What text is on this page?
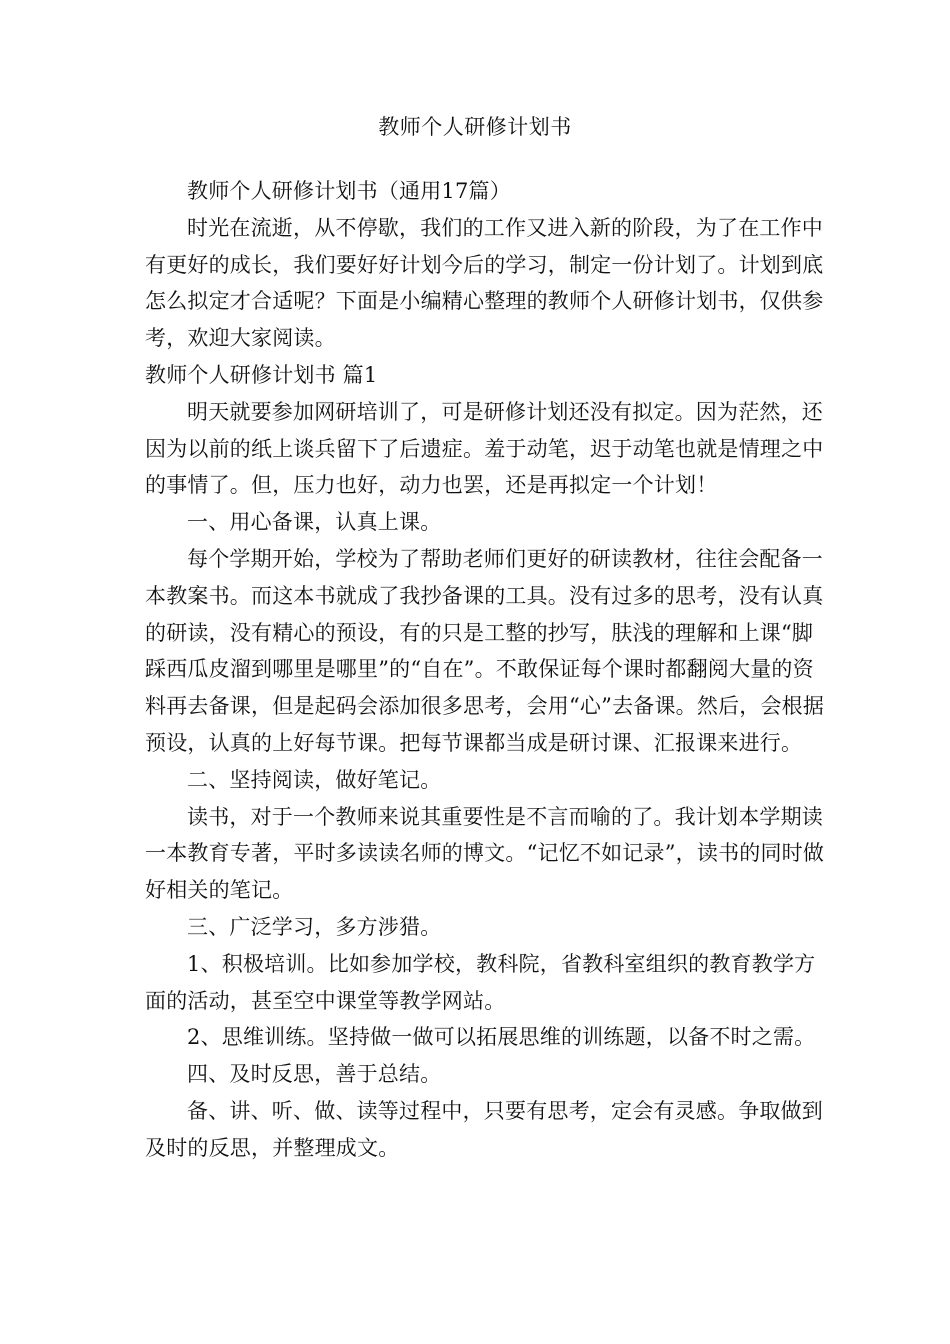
教师个人研修计划书

教师个人研修计划书（通用17篇）

时光在流逝，从不停歇，我们的工作又进入新的阶段，为了在工作中有更好的成长，我们要好好计划今后的学习，制定一份计划了。计划到底怎么拟定才合适呢？下面是小编精心整理的教师个人研修计划书，仅供参考，欢迎大家阅读。

教师个人研修计划书 篇1

明天就要参加网研培训了，可是研修计划还没有拟定。因为茫然，还因为以前的纸上谈兵留下了后遗症。羞于动笔，迟于动笔也就是情理之中的事情了。但，压力也好，动力也罢，还是再拟定一个计划！

一、用心备课，认真上课。

每个学期开始，学校为了帮助老师们更好的研读教材，往往会配备一本教案书。而这本书就成了我抄备课的工具。没有过多的思考，没有认真的研读，没有精心的预设，有的只是工整的抄写，肤浅的理解和上课“脚踩西瓜皮溜到哪里是哪里”的“自在”。不敢保证每个课时都翻阅大量的资料再去备课，但是起码会添加很多思考，会用“心”去备课。然后，会根据预设，认真的上好每节课。把每节课都当成是研讨课、汇报课来进行。

二、坚持阅读，做好笔记。

读书，对于一个教师来说其重要性是不言而喻的了。我计划本学期读一本教育专著，平时多读读名师的博文。“记忆不如记录”，读书的同时做好相关的笔记。

三、广泛学习，多方涉猎。

1、积极培训。比如参加学校，教科院，省教科室组织的教育教学方面的活动，甚至空中课堂等教学网站。

2、思维训练。坚持做一做可以拓展思维的训练题，以备不时之需。

四、及时反思，善于总结。

备、讲、听、做、读等过程中，只要有思考，定会有灵感。争取做到及时的反思，并整理成文。
